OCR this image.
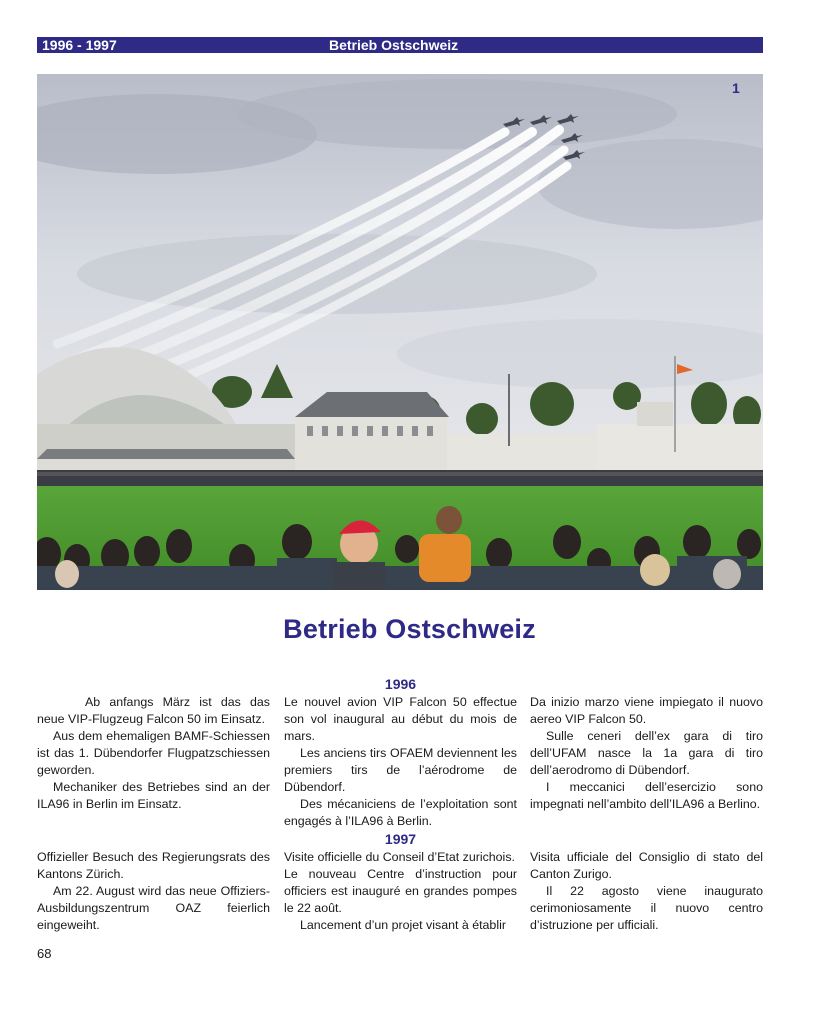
1996 - 1997	Betrieb Ostschweiz
1
Betrieb Ostschweiz
1996

Ab anfangs März ist das das neue VIP-Flugzeug Falcon 50 im Einsatz.

Aus dem ehemaligen BAMF-Schiessen ist das 1. Dübendorfer Flugpatzschiessen geworden.

Mechaniker des Betriebes sind an der ILA96 in Berlin im Einsatz.

Le nouvel avion VIP Falcon 50 effectue son vol inaugural au début du mois de mars.

Les anciens tirs OFAEM deviennent les premiers tirs de l’aérodrome de Dübendorf.

Des mécaniciens de l’exploitation sont engagés à l’ILA96 à Berlin.

Da inizio marzo viene impiegato il nuovo aereo VIP Falcon 50.

Sulle ceneri dell’ex gara di tiro dell’UFAM nasce la 1a gara di tiro dell’aerodromo di Dübendorf.

I meccanici dell’esercizio sono impegnati nell’ambito dell’ILA96 a Berlino.

1997

Offizieller Besuch des Regierungsrats des Kantons Zürich.

Am 22. August wird das neue Offiziers-Ausbildungszentrum OAZ feierlich eingeweiht.

Visite officielle du Conseil d’Etat zurichois.

Le nouveau Centre d’instruction pour officiers est inauguré en grandes pompes le 22 août.

Lancement d’un projet visant à établir

Visita ufficiale del Consiglio di stato del Canton Zurigo.

Il 22 agosto viene inaugurato cerimoniosamente il nuovo centro d’istruzione per ufficiali.

68
